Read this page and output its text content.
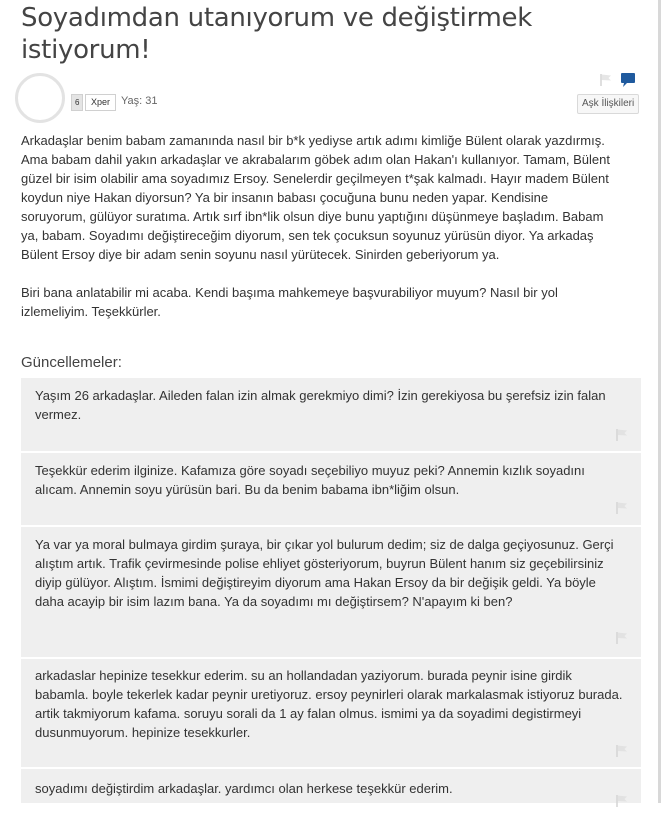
Soyadımdan utanıyorum ve değiştirmek istiyorum!
6	Xper Yaş: 31	Aşk İlişkileri

Arkadaşlar benim babam zamanında nasıl bir b*k yediyse artık adımı kimliğe Bülent olarak yazdırmış. Ama babam dahil yakın arkadaşlar ve akrabalarım göbek adım olan Hakan'ı kullanıyor. Tamam, Bülent güzel bir isim olabilir ama soyadımız Ersoy. Senelerdir geçilmeyen t*şak kalmadı. Hayır madem Bülent koydun niye Hakan diyorsun? Ya bir insanın babası çocuğuna bunu neden yapar. Kendisine soruyorum, gülüyor suratıma. Artık sırf ibn*lik olsun diye bunu yaptığını düşünmeye başladım. Babam ya, babam. Soyadımı değiştireceğim diyorum, sen tek çocuksun soyunuz yürüsün diyor. Ya arkadaş Bülent Ersoy diye bir adam senin soyunu nasıl yürütecek. Sinirden geberiyorum ya.

Biri bana anlatabilir mi acaba. Kendi başıma mahkemeye başvurabiliyor muyum? Nasıl bir yol izlemeliyim. Teşekkürler.

Güncellemeler:
Yaşım 26 arkadaşlar. Aileden falan izin almak gerekmiyo dimi? İzin gerekiyosa bu şerefsiz izin falan vermez.
Teşekkür ederim ilginize. Kafamıza göre soyadı seçebiliyo muyuz peki? Annemin kızlık soyadını alıcam. Annemin soyu yürüsün bari. Bu da benim babama ibn*liğim olsun.
Ya var ya moral bulmaya girdim şuraya, bir çıkar yol bulurum dedim; siz de dalga geçiyosunuz. Gerçi alıştım artık. Trafik çevirmesinde polise ehliyet gösteriyorum, buyrun Bülent hanım siz geçebilirsiniz diyip gülüyor. Alıştım. İsmimi değiştireyim diyorum ama Hakan Ersoy da bir değişik geldi. Ya böyle daha acayip bir isim lazım bana. Ya da soyadımı mı değiştirsem? N'apayım ki ben?
arkadaslar hepinize tesekkur ederim. su an hollandadan yaziyorum. burada peynir isine girdik babamla. boyle tekerlek kadar peynir uretiyoruz. ersoy peynirleri olarak markalasmak istiyoruz burada. artik takmiyorum kafama. soruyu sorali da 1 ay falan olmus. ismimi ya da soyadimi degistirmeyi dusunmuyorum. hepinize tesekkurler.
soyadımı değiştirdim arkadaşlar. yardımcı olan herkese teşekkür ederim.
